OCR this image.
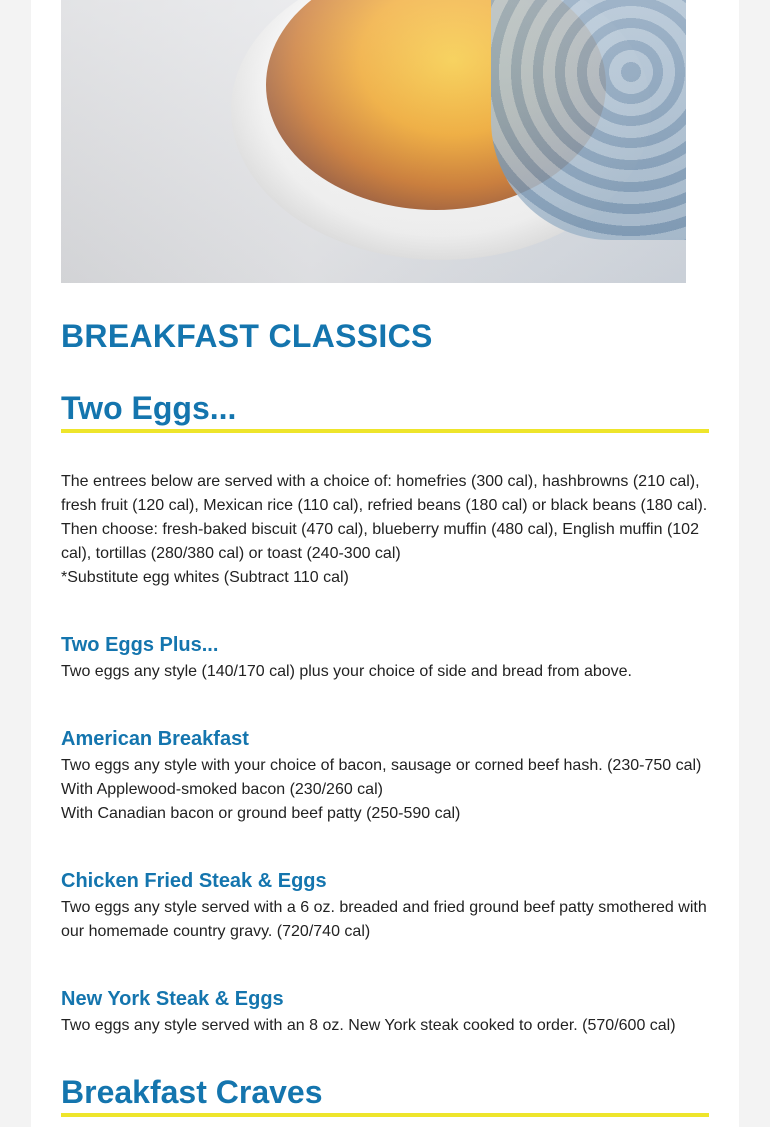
BREAKFAST CLASSICS
Two Eggs...

The entrees below are served with a choice of: homefries (300 cal), hashbrowns (210 cal), fresh fruit (120 cal), Mexican rice (110 cal), refried beans (180 cal) or black beans (180 cal). Then choose: fresh-baked biscuit (470 cal), blueberry muffin (480 cal), English muffin (102 cal), tortillas (280/380 cal) or toast (240-300 cal)

*Substitute egg whites (Subtract 110 cal)

Two Eggs Plus...

Two eggs any style (140/170 cal) plus your choice of side and bread from above.

American Breakfast

Two eggs any style with your choice of bacon, sausage or corned beef hash. (230-750 cal)

With Applewood-smoked bacon (230/260 cal)

With Canadian bacon or ground beef patty (250-590 cal)

Chicken Fried Steak & Eggs

Two eggs any style served with a 6 oz. breaded and fried ground beef patty smothered with our homemade country gravy. (720/740 cal)

New York Steak & Eggs

Two eggs any style served with an 8 oz. New York steak cooked to order. (570/600 cal)

Breakfast Craves
